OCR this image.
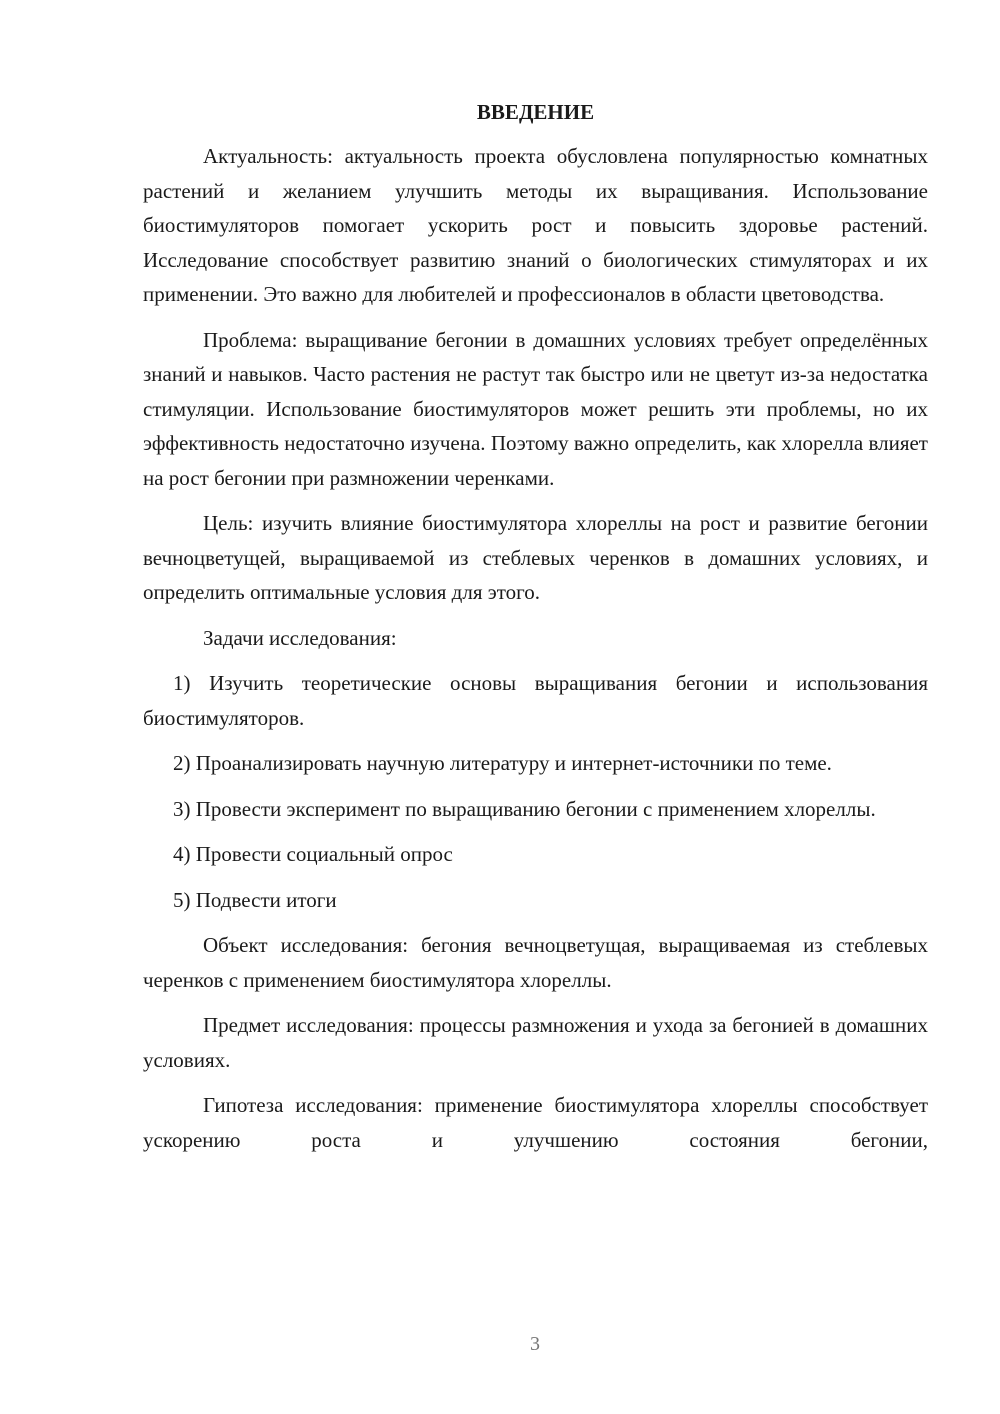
ВВЕДЕНИЕ

Актуальность: актуальность проекта обусловлена популярностью комнатных растений и желанием улучшить методы их выращивания. Использование биостимуляторов помогает ускорить рост и повысить здоровье растений. Исследование способствует развитию знаний о биологических стимуляторах и их применении. Это важно для любителей и профессионалов в области цветоводства.

Проблема: выращивание бегонии в домашних условиях требует определённых знаний и навыков. Часто растения не растут так быстро или не цветут из-за недостатка стимуляции. Использование биостимуляторов может решить эти проблемы, но их эффективность недостаточно изучена. Поэтому важно определить, как хлорелла влияет на рост бегонии при размножении черенками.

Цель: изучить влияние биостимулятора хлореллы на рост и развитие бегонии вечноцветущей, выращиваемой из стеблевых черенков в домашних условиях, и определить оптимальные условия для этого.

Задачи исследования:

1) Изучить теоретические основы выращивания бегонии и использования биостимуляторов.

2) Проанализировать научную литературу и интернет-источники по теме.

3) Провести эксперимент по выращиванию бегонии с применением хлореллы.

4) Провести социальный опрос

5) Подвести итоги

Объект исследования: бегония вечноцветущая, выращиваемая из стеблевых черенков с применением биостимулятора хлореллы.

Предмет исследования: процессы размножения и ухода за бегонией в домашних условиях.

Гипотеза исследования: применение биостимулятора хлореллы способствует ускорению роста и улучшению состояния бегонии,

3
